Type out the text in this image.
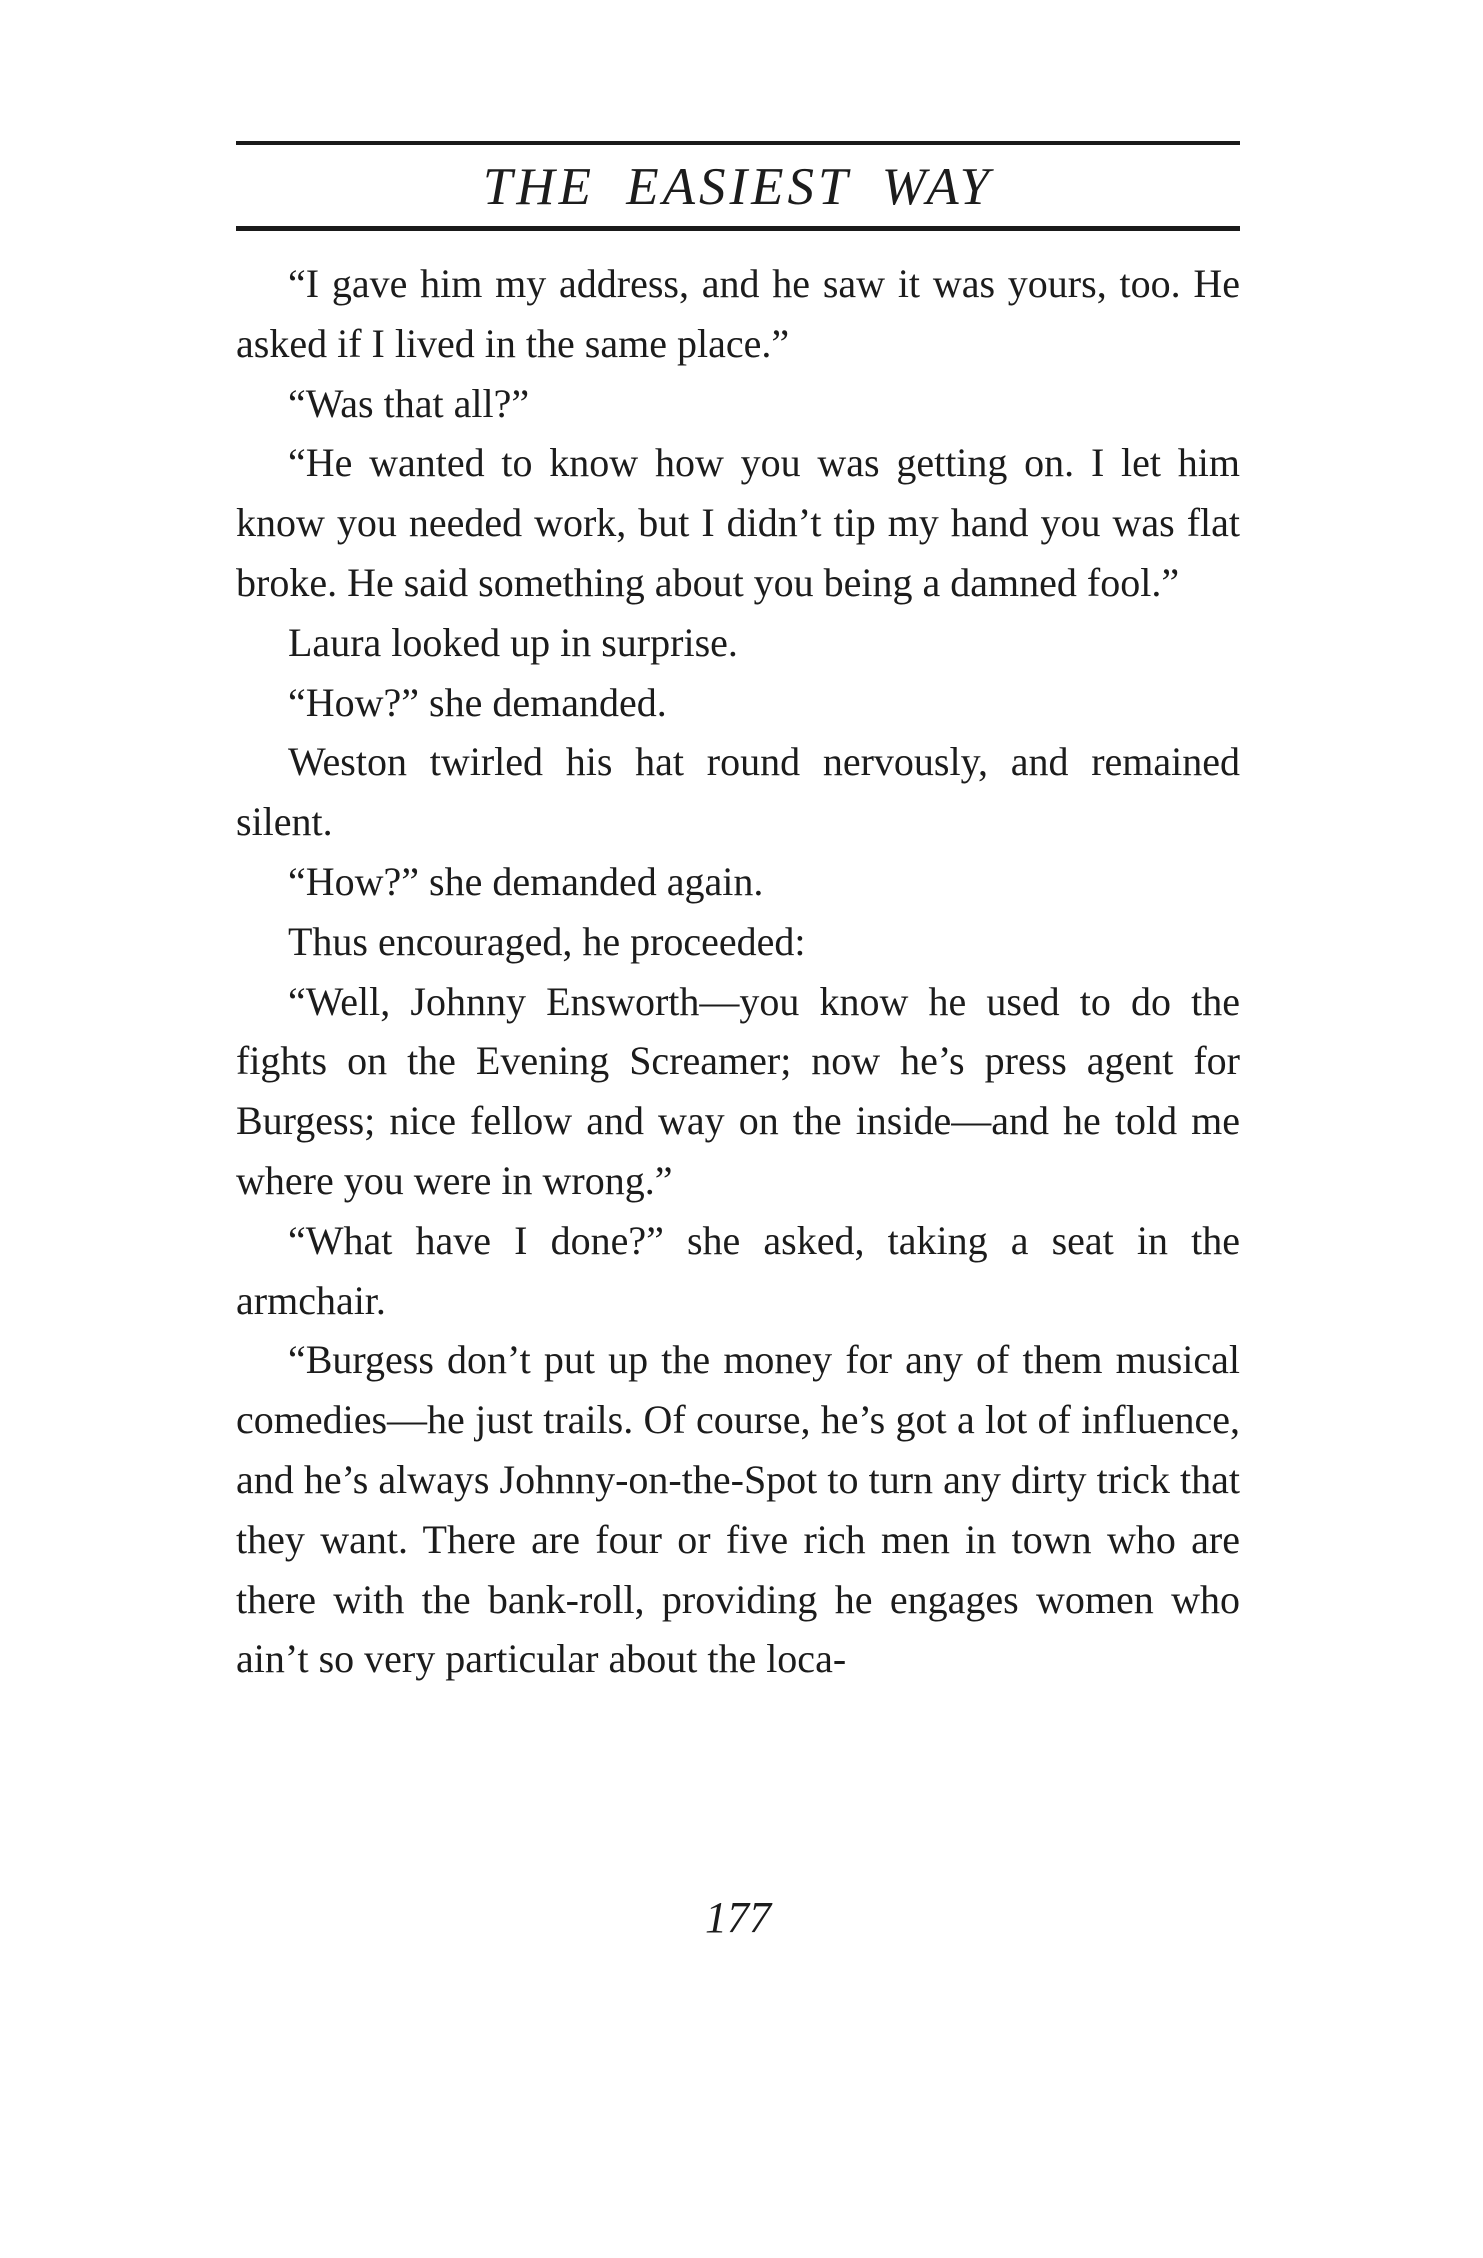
THE EASIEST WAY

“I gave him my address, and he saw it was yours, too. He asked if I lived in the same place.”

“Was that all?”

“He wanted to know how you was getting on. I let him know you needed work, but I didn’t tip my hand you was flat broke. He said something about you being a damned fool.”

Laura looked up in surprise.

“How?” she demanded.

Weston twirled his hat round nervously, and remained silent.

“How?” she demanded again.

Thus encouraged, he proceeded:

“Well, Johnny Ensworth—you know he used to do the fights on the Evening Screamer; now he’s press agent for Burgess; nice fellow and way on the inside—and he told me where you were in wrong.”

“What have I done?” she asked, taking a seat in the armchair.

“Burgess don’t put up the money for any of them musical comedies—he just trails. Of course, he’s got a lot of influence, and he’s always Johnny-on-the-Spot to turn any dirty trick that they want. There are four or five rich men in town who are there with the bank-roll, providing he engages women who ain’t so very particular about the loca-

177
